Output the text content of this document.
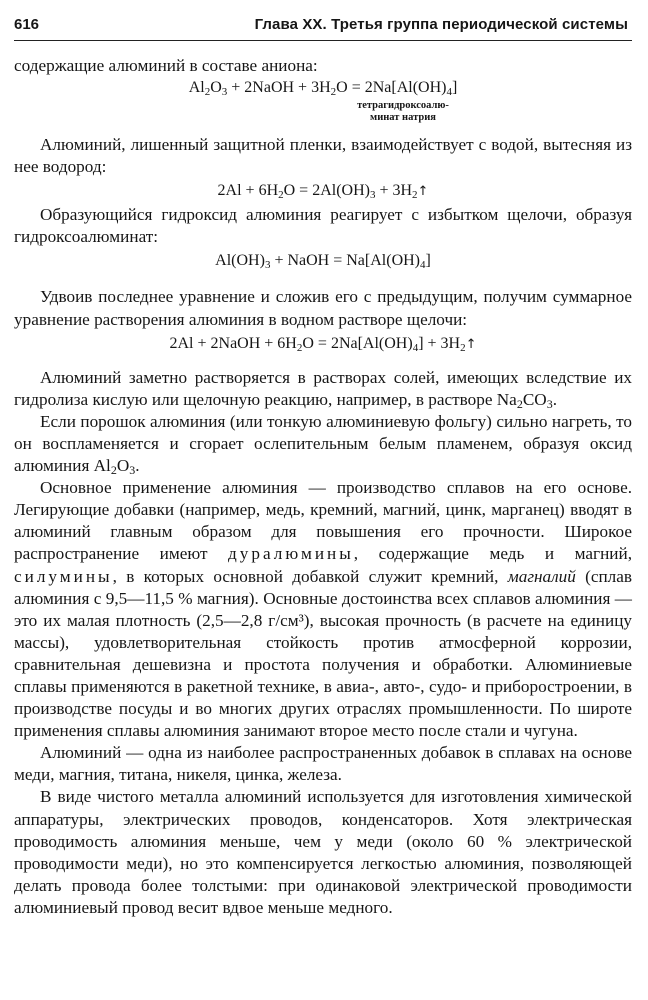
616	Глава XX. Третья группа периодической системы

содержащие алюминий в составе аниона:

$Al_2O_3$ + 2NaOH + $3H_2O = 2Na[Al(OH)_4]$
тетрагидроксоалю-
минат натрия

Алюминий, лишенный защитной пленки, взаимодействует с водой, вытесняя из нее водород:

$2Al + 6H_2O = 2Al(OH)_3$ + $3H_2↑$

Образующийся гидроксид алюминия реагирует с избытком щелочи, образуя гидроксоалюминат:

$Al(OH)_3$ + NaOH = $Na[Al(OH)_4]$

Удвоив последнее уравнение и сложив его с предыдущим, получим суммарное уравнение растворения алюминия в водном растворе щелочи:

2Al + 2NaOH + $6H_2O = 2Na[Al(OH)_4]$ + $3H_2↑$

Алюминий заметно растворяется в растворах солей, имеющих вследствие их гидролиза кислую или щелочную реакцию, например, в растворе $Na_2CO_3$.

Если порошок алюминия (или тонкую алюминиевую фольгу) сильно нагреть, то он воспламеняется и сгорает ослепительным белым пламенем, образуя оксид алюминия $Al_2O_3$.

Основное применение алюминия — производство сплавов на его основе. Легирующие добавки (например, медь, кремний, магний, цинк, марганец) вводят в алюминий главным образом для повышения его прочности. Широкое распространение имеют дуралюмины, содержащие медь и магний, силумины, в которых основной добавкой служит кремний, магналий (сплав алюминия с 9,5—11,5 % магния). Основные достоинства всех сплавов алюминия — это их малая плотность (2,5—2,8 г/см³), высокая прочность (в расчете на единицу массы), удовлетворительная стойкость против атмосферной коррозии, сравнительная дешевизна и простота получения и обработки. Алюминиевые сплавы применяются в ракетной технике, в авиа-, авто-, судо- и приборостроении, в производстве посуды и во многих других отраслях промышленности. По широте применения сплавы алюминия занимают второе место после стали и чугуна.

Алюминий — одна из наиболее распространенных добавок в сплавах на основе меди, магния, титана, никеля, цинка, железа.

В виде чистого металла алюминий используется для изготовления химической аппаратуры, электрических проводов, конденсаторов. Хотя электрическая проводимость алюминия меньше, чем у меди (около 60 % электрической проводимости меди), но это компенсируется легкостью алюминия, позволяющей делать провода более толстыми: при одинаковой электрической проводимости алюминиевый провод весит вдвое меньше медного.
